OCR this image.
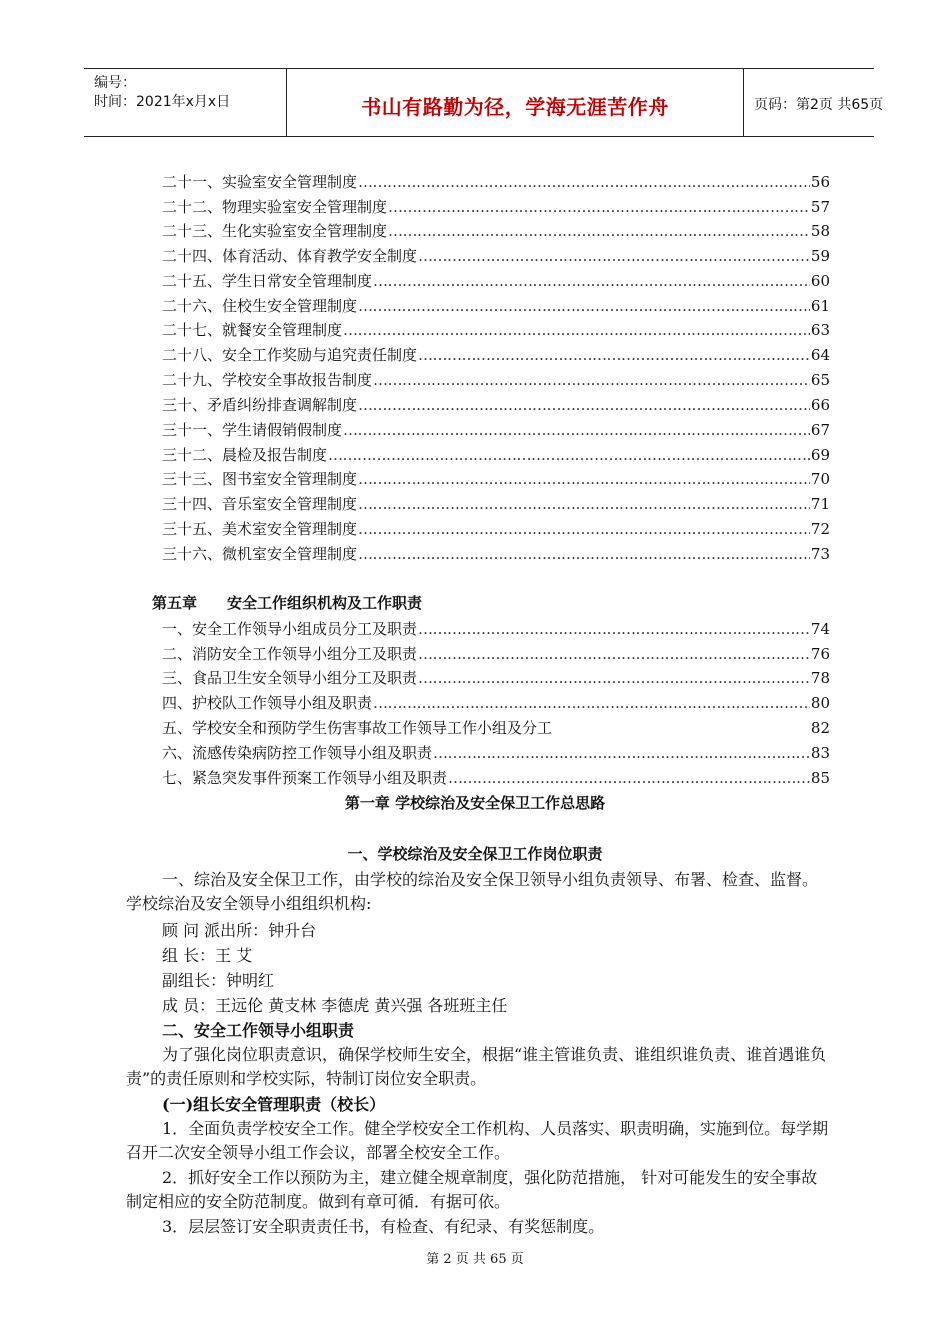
编号：
时间：2021年x月x日	书山有路勤为径，学海无涯苦作舟	页码：第2页 共65页
二十一、实验室安全管理制度 …………………………………………………………………………………………………………………………………………………………………………………………………………………………………	56
二十二、物理实验室安全管理制度 …………………………………………………………………………………………………………………………………………………………………………………………………………………………………	57
二十三、生化实验室安全管理制度 …………………………………………………………………………………………………………………………………………………………………………………………………………………………………	58
二十四、体育活动、体育教学安全制度 …………………………………………………………………………………………………………………………………………………………………………………………………………………………………	59
二十五、学生日常安全管理制度 …………………………………………………………………………………………………………………………………………………………………………………………………………………………………	60
二十六、住校生安全管理制度 …………………………………………………………………………………………………………………………………………………………………………………………………………………………………	61
二十七、就餐安全管理制度 …………………………………………………………………………………………………………………………………………………………………………………………………………………………………	63
二十八、安全工作奖励与追究责任制度 …………………………………………………………………………………………………………………………………………………………………………………………………………………………………	64
二十九、学校安全事故报告制度 …………………………………………………………………………………………………………………………………………………………………………………………………………………………………	65
三十、矛盾纠纷排查调解制度 …………………………………………………………………………………………………………………………………………………………………………………………………………………………………	66
三十一、学生请假销假制度 …………………………………………………………………………………………………………………………………………………………………………………………………………………………………	67
三十二、晨检及报告制度 …………………………………………………………………………………………………………………………………………………………………………………………………………………………………	69
三十三、图书室安全管理制度 …………………………………………………………………………………………………………………………………………………………………………………………………………………………………	70
三十四、音乐室安全管理制度 …………………………………………………………………………………………………………………………………………………………………………………………………………………………………	71
三十五、美术室安全管理制度 …………………………………………………………………………………………………………………………………………………………………………………………………………………………………	72
三十六、微机室安全管理制度 …………………………………………………………………………………………………………………………………………………………………………………………………………………………………	73
第五章 安全工作组织机构及工作职责
一、安全工作领导小组成员分工及职责 …………………………………………………………………………………………………………………………………………………………………………………………………………………………………	74
二、消防安全工作领导小组分工及职责 …………………………………………………………………………………………………………………………………………………………………………………………………………………………………	76
三、食品卫生安全领导小组分工及职责 …………………………………………………………………………………………………………………………………………………………………………………………………………………………………	78
四、护校队工作领导小组及职责 …………………………………………………………………………………………………………………………………………………………………………………………………………………………………	80
五、学校安全和预防学生伤害事故工作领导工作小组及分工	82
六、流感传染病防控工作领导小组及职责 …………………………………………………………………………………………………………………………………………………………………………………………………………………………………	83
七、紧急突发事件预案工作领导小组及职责 …………………………………………………………………………………………………………………………………………………………………………………………………………………………………	85
第一章 学校综治及安全保卫工作总思路
一、学校综治及安全保卫工作岗位职责
一、综治及安全保卫工作，由学校的综治及安全保卫领导小组负责领导、布署、检查、监督。学校综治及安全领导小组组织机构:
顾 问 派出所：钟升台
组 长：王 艾
副组长：钟明红
成 员：王远伦 黄支林 李德虎 黄兴强 各班班主任
二、安全工作领导小组职责
为了强化岗位职责意识，确保学校师生安全，根据“谁主管谁负责、谁组织谁负责、谁首遇谁负责”的责任原则和学校实际，特制订岗位安全职责。
(一)组长安全管理职责（校长）
1．全面负责学校安全工作。健全学校安全工作机构、人员落实、职责明确，实施到位。每学期召开二次安全领导小组工作会议，部署全校安全工作。
2．抓好安全工作以预防为主，建立健全规章制度，强化防范措施， 针对可能发生的安全事故制定相应的安全防范制度。做到有章可循．有据可依。
3．层层签订安全职责责任书，有检查、有纪录、有奖惩制度。
第 2 页 共 65 页
